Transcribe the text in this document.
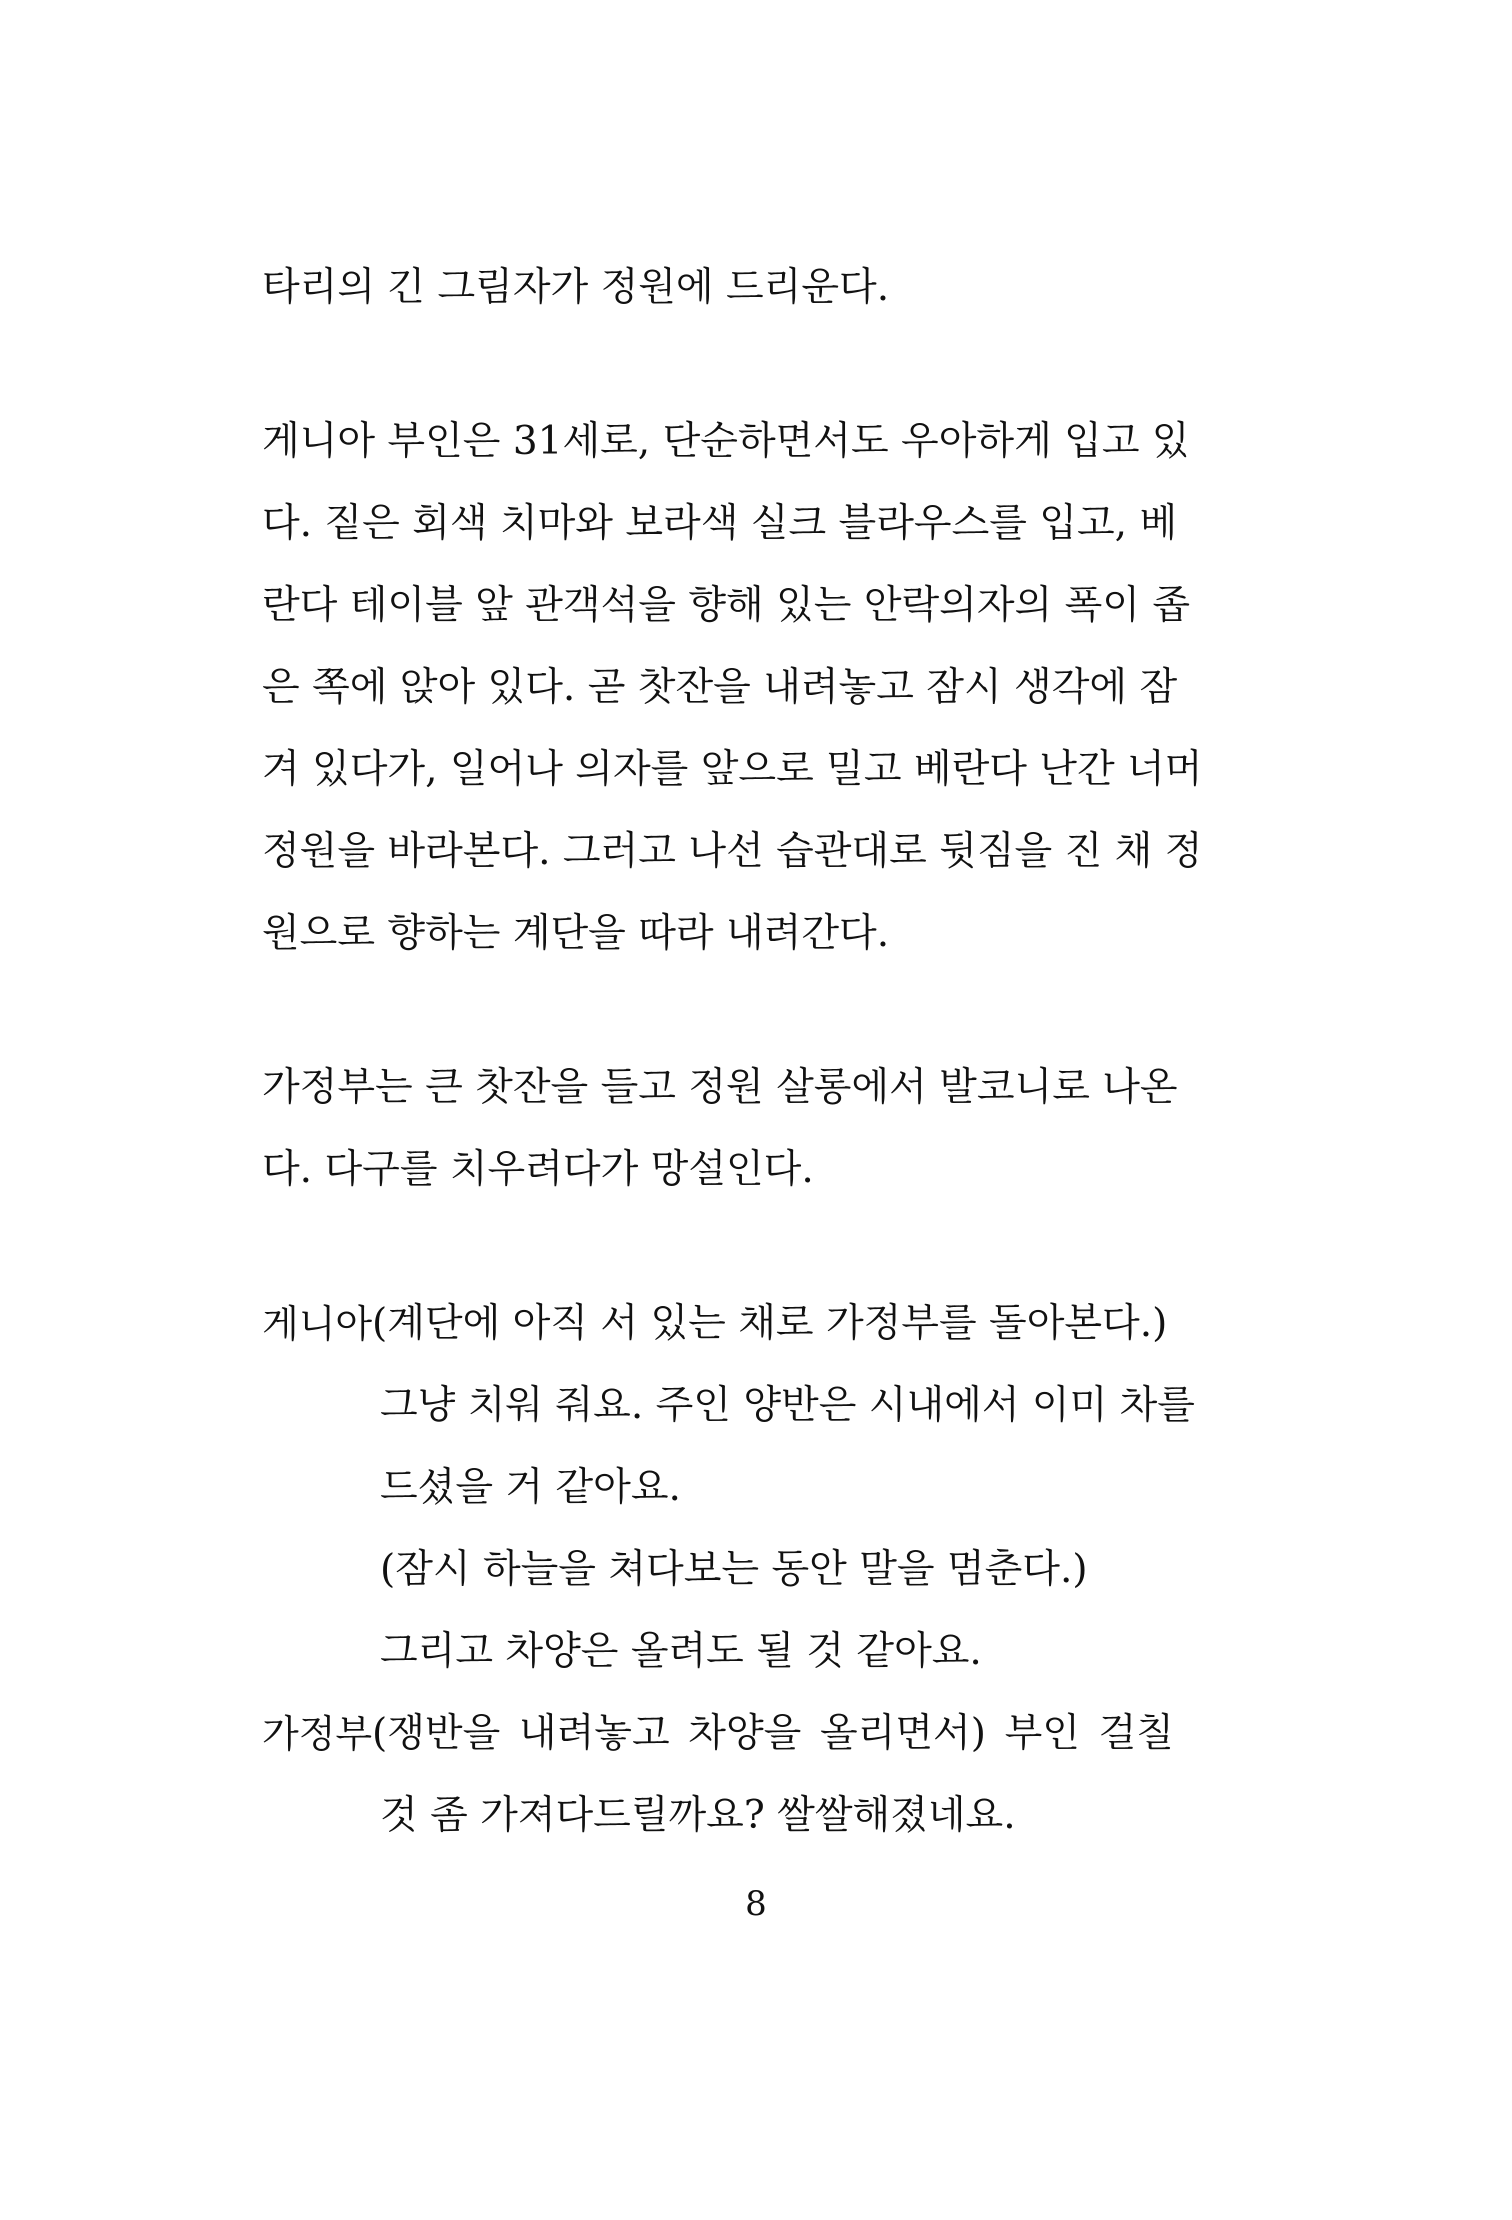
타리의 긴 그림자가 정원에 드리운다.
게니아 부인은 31세로, 단순하면서도 우아하게 입고 있
다. 짙은 회색 치마와 보라색 실크 블라우스를 입고, 베
란다 테이블 앞 관객석을 향해 있는 안락의자의 폭이 좁
은 쪽에 앉아 있다. 곧 찻잔을 내려놓고 잠시 생각에 잠
겨 있다가, 일어나 의자를 앞으로 밀고 베란다 난간 너머
정원을 바라본다. 그러고 나선 습관대로 뒷짐을 진 채 정
원으로 향하는 계단을 따라 내려간다.
가정부는 큰 찻잔을 들고 정원 살롱에서 발코니로 나온
다. 다구를 치우려다가 망설인다.
게니아 (계단에 아직 서 있는 채로 가정부를 돌아본다.)
그냥 치워 줘요. 주인 양반은 시내에서 이미 차를
드셨을 거 같아요.
(잠시 하늘을 쳐다보는 동안 말을 멈춘다.)
그리고 차양은 올려도 될 것 같아요.
가정부 (쟁반을 내려놓고 차양을 올리면서) 부인 걸칠
것 좀 가져다드릴까요? 쌀쌀해졌네요.
8
